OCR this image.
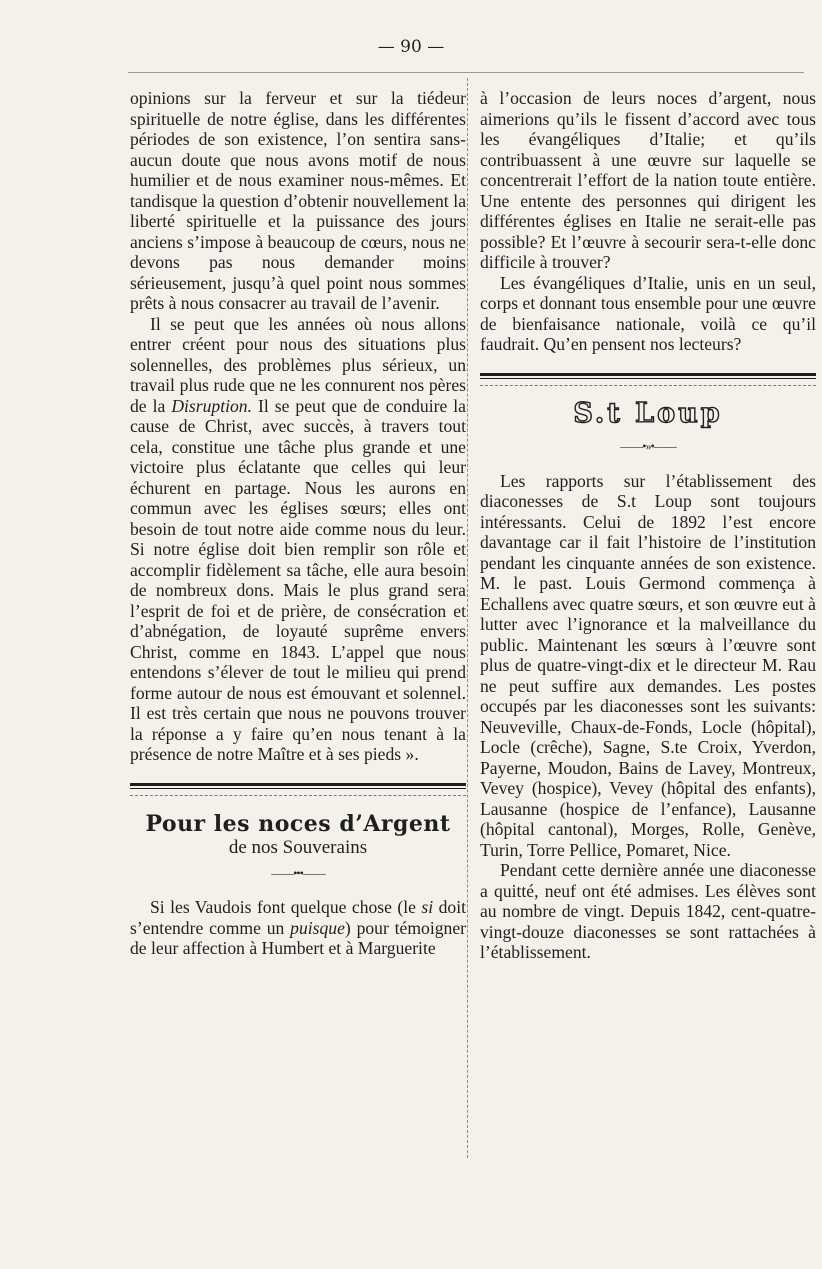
— 90 —

opinions sur la ferveur et sur la tiédeur spirituelle de notre église, dans les différentes périodes de son existence, l’on sentira sans-aucun doute que nous avons motif de nous humilier et de nous examiner nous-mêmes. Et tandisque la question d’obtenir nouvellement la liberté spirituelle et la puissance des jours anciens s’impose à beaucoup de cœurs, nous ne devons pas nous demander moins sérieusement, jusqu’à quel point nous sommes prêts à nous consacrer au travail de l’avenir.

Il se peut que les années où nous allons entrer créent pour nous des situations plus solennelles, des problèmes plus sérieux, un travail plus rude que ne les connurent nos pères de la Disruption. Il se peut que de conduire la cause de Christ, avec succès, à travers tout cela, constitue une tâche plus grande et une victoire plus éclatante que celles qui leur échurent en partage. Nous les aurons en commun avec les églises sœurs; elles ont besoin de tout notre aide comme nous du leur. Si notre église doit bien remplir son rôle et accomplir fidèlement sa tâche, elle aura besoin de nombreux dons. Mais le plus grand sera l’esprit de foi et de prière, de consécration et d’abnégation, de loyauté suprême envers Christ, comme en 1843. L’appel que nous entendons s’élever de tout le milieu qui prend forme autour de nous est émouvant et solennel. Il est très certain que nous ne pouvons trouver la réponse a y faire qu’en nous tenant à la présence de notre Maître et à ses pieds ».

Pour les noces d’Argent
de nos Souverains
——•••——

Si les Vaudois font quelque chose (le si doit s’entendre comme un puisque) pour témoigner de leur affection à Humbert et à Marguerite

à l’occasion de leurs noces d’argent, nous aimerions qu’ils le fissent d’accord avec tous les évangéliques d’Italie; et qu’ils contribuassent à une œuvre sur laquelle se concentrerait l’effort de la nation toute entière. Une entente des personnes qui dirigent les différentes églises en Italie ne serait-elle pas possible? Et l’œuvre à secourir sera-t-elle donc difficile à trouver?

Les évangéliques d’Italie, unis en un seul, corps et donnant tous ensemble pour une œuvre de bienfaisance nationale, voilà ce qu’il faudrait. Qu’en pensent nos lecteurs?

S.t Loup
——•»•——

Les rapports sur l’établissement des diaconesses de S.t Loup sont toujours intéressants. Celui de 1892 l’est encore davantage car il fait l’histoire de l’institution pendant les cinquante années de son existence. M. le past. Louis Germond commença à Echallens avec quatre sœurs, et son œuvre eut à lutter avec l’ignorance et la malveillance du public. Maintenant les sœurs à l’œuvre sont plus de quatre-vingt-dix et le directeur M. Rau ne peut suffire aux demandes. Les postes occupés par les diaconesses sont les suivants: Neuveville, Chaux-de-Fonds, Locle (hôpital), Locle (crêche), Sagne, S.te Croix, Yverdon, Payerne, Moudon, Bains de Lavey, Montreux, Vevey (hospice), Vevey (hôpital des enfants), Lausanne (hospice de l’enfance), Lausanne (hôpital cantonal), Morges, Rolle, Genève, Turin, Torre Pellice, Pomaret, Nice.

Pendant cette dernière année une diaconesse a quitté, neuf ont été admises. Les élèves sont au nombre de vingt. Depuis 1842, cent-quatre-vingt-douze diaconesses se sont rattachées à l’établissement.
